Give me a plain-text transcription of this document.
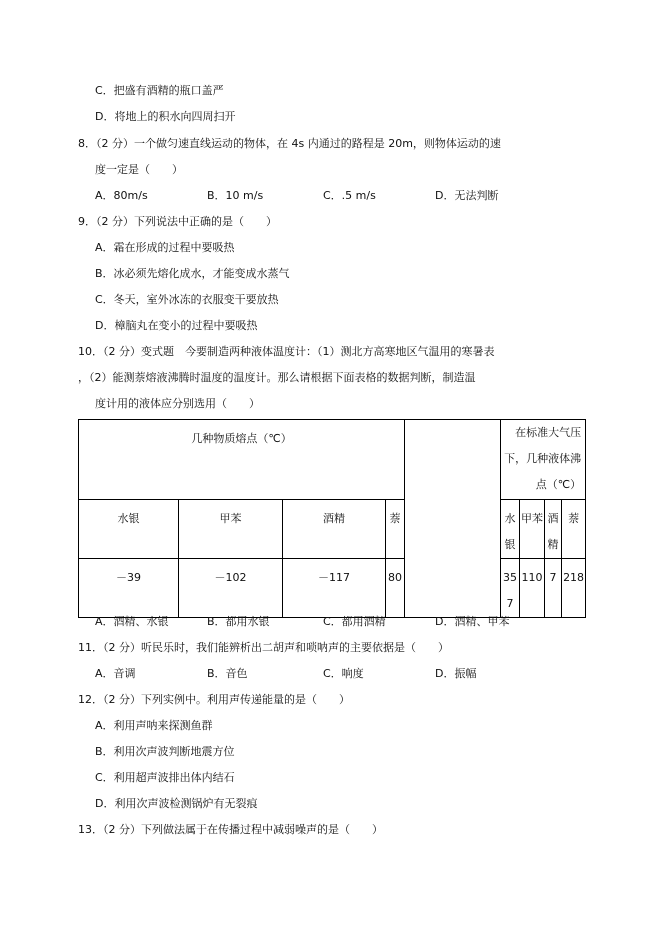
C．把盛有酒精的瓶口盖严
D．将地上的积水向四周扫开
8．（2 分）一个做匀速直线运动的物体，在 4s 内通过的路程是 20m，则物体运动的速
度一定是（　　）
A．80m/s	B．10 m/s	C．.5 m/s	D．无法判断
9．（2 分）下列说法中正确的是（　　）
A．霜在形成的过程中要吸热
B．冰必须先熔化成水，才能变成水蒸气
C．冬天，室外冰冻的衣服变干要放热
D．樟脑丸在变小的过程中要吸热
10．（2 分）变式题　今要制造两种液体温度计：（1）测北方高寒地区气温用的寒暑表
，（2）能测萘熔液沸腾时温度的温度计。那么请根据下面表格的数据判断，制造温
度计用的液体应分别选用（　　）
几种物质熔点（℃）					在标准大气压下，几种液体沸点（℃）			
水银	甲苯	酒精	萘		水银	甲苯	酒精	萘
－39	－102	－117	80		357	110	7	218
A．酒精、水银	B．都用水银	C．都用酒精	D．酒精、甲苯
11．（2 分）听民乐时，我们能辨析出二胡声和唢呐声的主要依据是（　　）
A．音调	B．音色	C．响度	D．振幅
12．（2 分）下列实例中。利用声传递能量的是（　　）
A．利用声呐来探测鱼群
B．利用次声波判断地震方位
C．利用超声波排出体内结石
D．利用次声波检测锅炉有无裂痕
13．（2 分）下列做法属于在传播过程中减弱噪声的是（　　）
